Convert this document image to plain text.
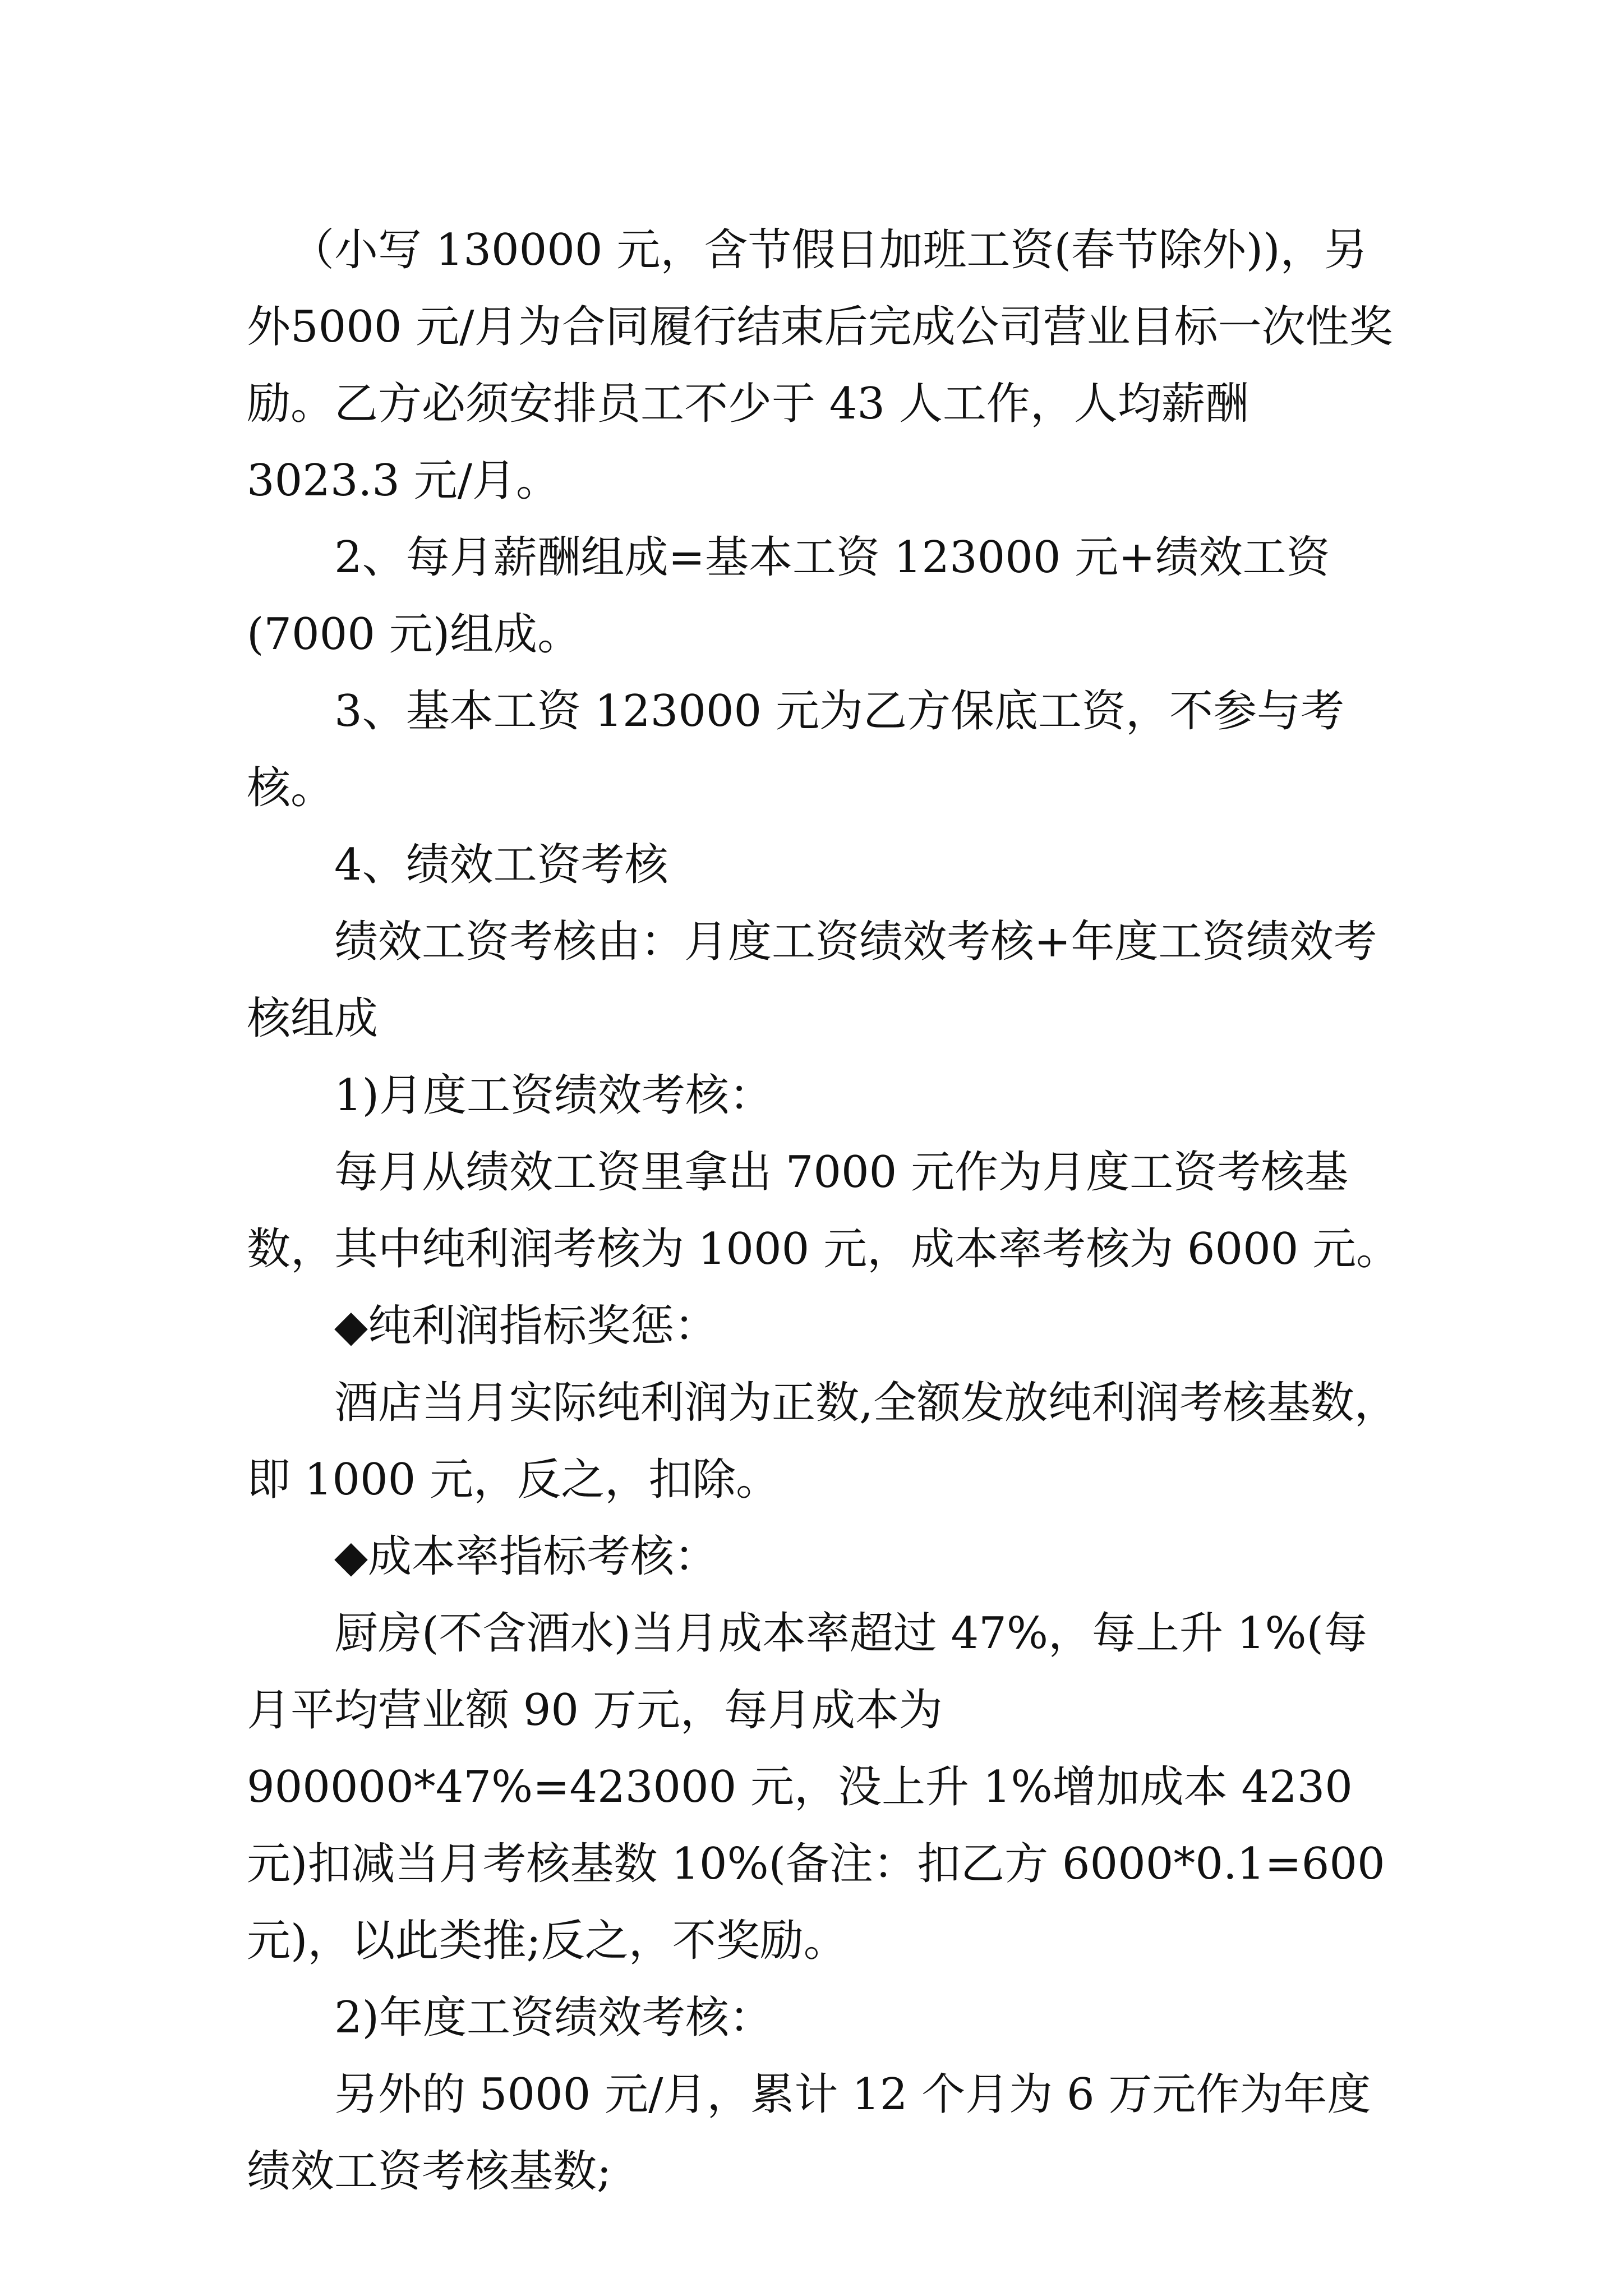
（小写 130000 元，含节假日加班工资(春节除外))，另外5000 元/月为合同履行结束后完成公司营业目标一次性奖励。乙方必须安排员工不少于 43 人工作，人均薪酬 3023.3 元/月。

2、每月薪酬组成=基本工资 123000 元+绩效工资(7000 元)组成。

3、基本工资 123000 元为乙方保底工资，不参与考核。

4、绩效工资考核

绩效工资考核由：月度工资绩效考核+年度工资绩效考核组成

1)月度工资绩效考核：

每月从绩效工资里拿出 7000 元作为月度工资考核基数，其中纯利润考核为 1000 元，成本率考核为 6000 元。

◆纯利润指标奖惩：

酒店当月实际纯利润为正数,全额发放纯利润考核基数，即 1000 元，反之，扣除。

◆成本率指标考核：

厨房(不含酒水)当月成本率超过 47%，每上升 1%(每月平均营业额 90 万元，每月成本为 900000*47%=423000 元，没上升 1%增加成本 4230 元)扣减当月考核基数 10%(备注：扣乙方 6000*0.1=600 元)，以此类推;反之，不奖励。

2)年度工资绩效考核：

另外的 5000 元/月，累计 12 个月为 6 万元作为年度绩效工资考核基数;
